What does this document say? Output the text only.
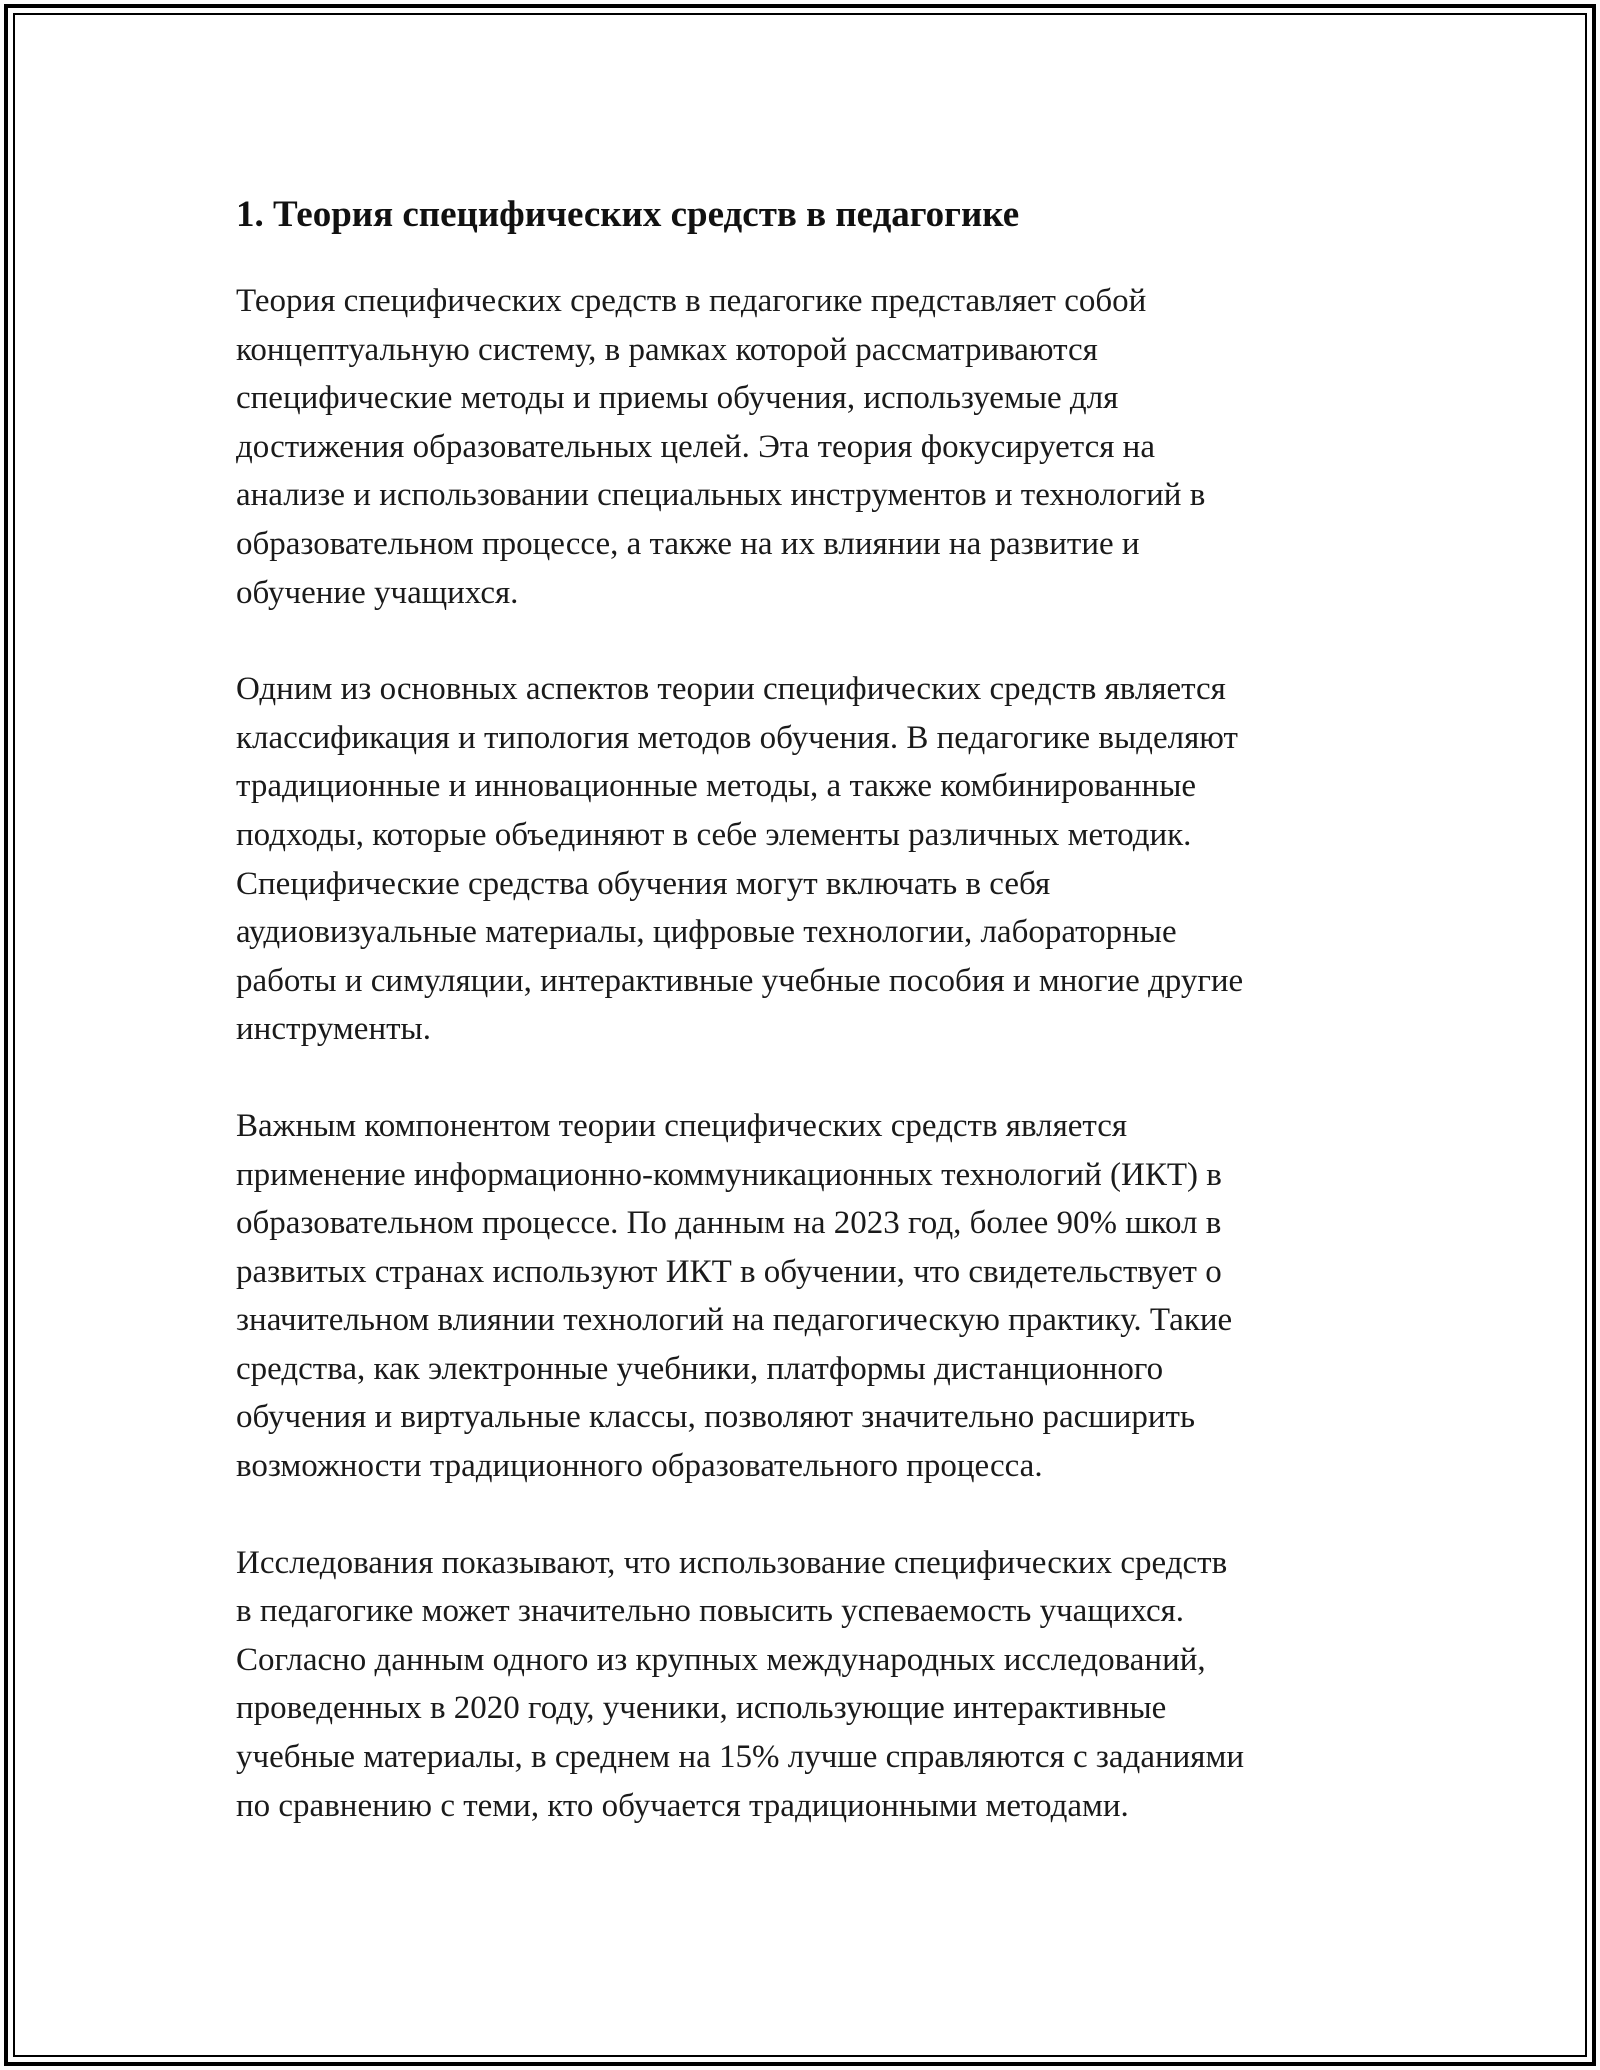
1. Теория специфических средств в педагогике

Теория специфических средств в педагогике представляет собой
концептуальную систему, в рамках которой рассматриваются
специфические методы и приемы обучения, используемые для
достижения образовательных целей. Эта теория фокусируется на
анализе и использовании специальных инструментов и технологий в
образовательном процессе, а также на их влиянии на развитие и
обучение учащихся.

Одним из основных аспектов теории специфических средств является
классификация и типология методов обучения. В педагогике выделяют
традиционные и инновационные методы, а также комбинированные
подходы, которые объединяют в себе элементы различных методик.
Специфические средства обучения могут включать в себя
аудиовизуальные материалы, цифровые технологии, лабораторные
работы и симуляции, интерактивные учебные пособия и многие другие
инструменты.

Важным компонентом теории специфических средств является
применение информационно-коммуникационных технологий (ИКТ) в
образовательном процессе. По данным на 2023 год, более 90% школ в
развитых странах используют ИКТ в обучении, что свидетельствует о
значительном влиянии технологий на педагогическую практику. Такие
средства, как электронные учебники, платформы дистанционного
обучения и виртуальные классы, позволяют значительно расширить
возможности традиционного образовательного процесса.

Исследования показывают, что использование специфических средств
в педагогике может значительно повысить успеваемость учащихся.
Согласно данным одного из крупных международных исследований,
проведенных в 2020 году, ученики, использующие интерактивные
учебные материалы, в среднем на 15% лучше справляются с заданиями
по сравнению с теми, кто обучается традиционными методами.
